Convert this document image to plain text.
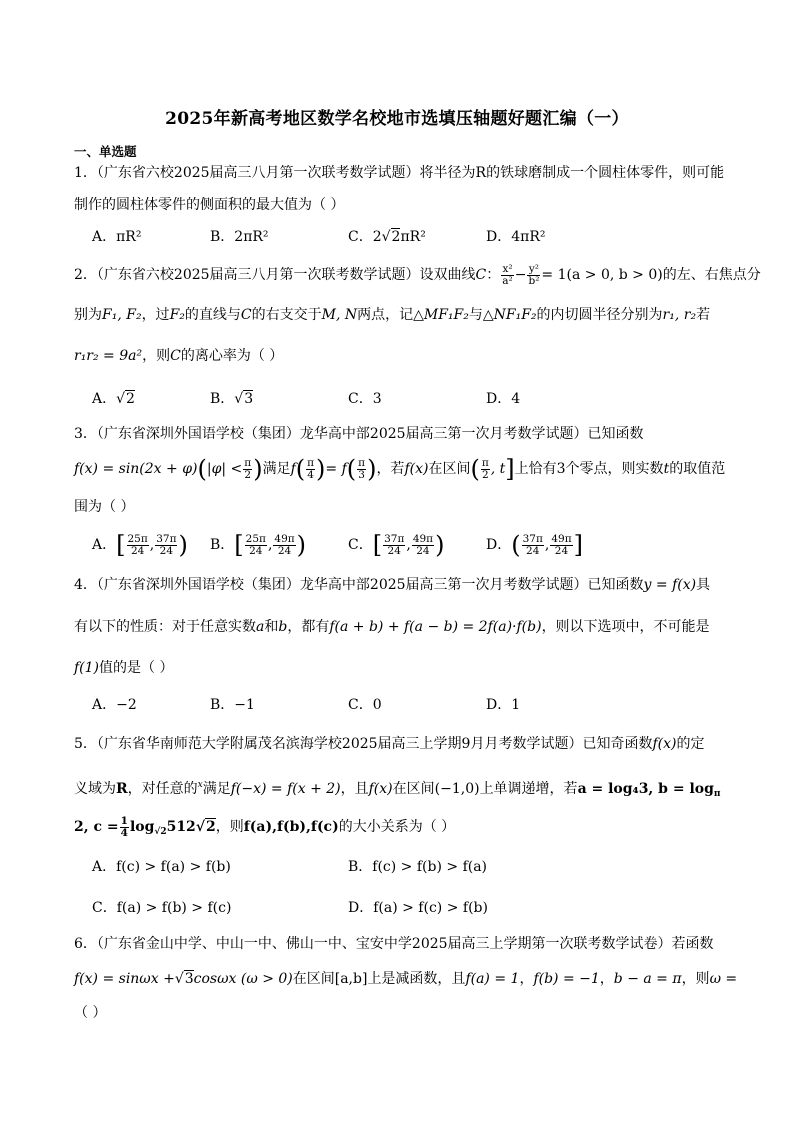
2025年新高考地区数学名校地市选填压轴题好题汇编（一）
一、单选题
1．（广东省六校2025届高三八月第一次联考数学试题）将半径为R的铁球磨制成一个圆柱体零件，则可能
制作的圆柱体零件的侧面积的最大值为（ ）
A．πR²	B．2πR²	C．2√2πR²	D．4πR²
2．（广东省六校2025届高三八月第一次联考数学试题）设双曲线C： $\frac{\text{x²}}{\text{a²}} - \frac{\text{y²}}{\text{b²}} = 1(a > 0$, b > 0)的左、右焦点分
别为F₁, F₂，过F₂的直线与C的右支交于M, N两点，记△MF₁F₂与△NF₁F₂的内切圆半径分别为r₁, r₂若
r₁r₂ = 9a²，则C的离心率为（ ）
A．√2	B．√3	C．3	D．4
3．（广东省深圳外国语学校（集团）龙华高中部2025届高三第一次月考数学试题）已知函数
$f(x) = \sin(2x + \varphi)(|\varphi| < \frac{\pi}{2}$ )满足$f( \frac{\pi}{4}$ )= $f( \frac{\pi}{3}$ )，若f(x)在区间( $\frac{\pi}{2}$ , t]上恰有3个零点，则实数t的取值范
围为（ ）
A．[ $\frac{25\pi}{24}$ , $\frac{37\pi}{24}$ ) B．[ $\frac{25\pi}{24}$ , $\frac{49\pi}{24}$ )	C．[ $\frac{37\pi}{24}$ , $\frac{49\pi}{24}$ )	D．( $\frac{37\pi}{24}$ , $\frac{49\pi}{24}$ ]
4．（广东省深圳外国语学校（集团）龙华高中部2025届高三第一次月考数学试题）已知函数y = f(x)具
有以下的性质：对于任意实数a和b，都有f(a + b) + f(a − b) = 2f(a)·f(b)，则以下选项中，不可能是
f(1)值的是（ ）
A．−2	B．−1	C．0	D．1
5．（广东省华南师范大学附属茂名滨海学校2025届高三上学期9月月考数学试题）已知奇函数f(x)的定
义域为R，对任意的$^x$满足f(−x) = f(x + 2)，且f(x)在区间(−1,0)上单调递增，若a = log₄3, $b = \log_\pi$
2, $c = \frac{1}{4} \log_{√2}512√2$，则f(a),f(b),f(c)的大小关系为（ ）
A．f(c) > f(a) > f(b)	B．f(c) > f(b) > f(a)
C．f(a) > f(b) > f(c)	D．f(a) > f(c) > f(b)
6．（广东省金山中学、中山一中、佛山一中、宝安中学2025届高三上学期第一次联考数学试卷）若函数
f(x) = sinωx +√3cosωx (ω > 0)在区间[a,b]上是减函数，且f(a) = 1，f(b) = −1，b − a = π，则ω =
（ ）
